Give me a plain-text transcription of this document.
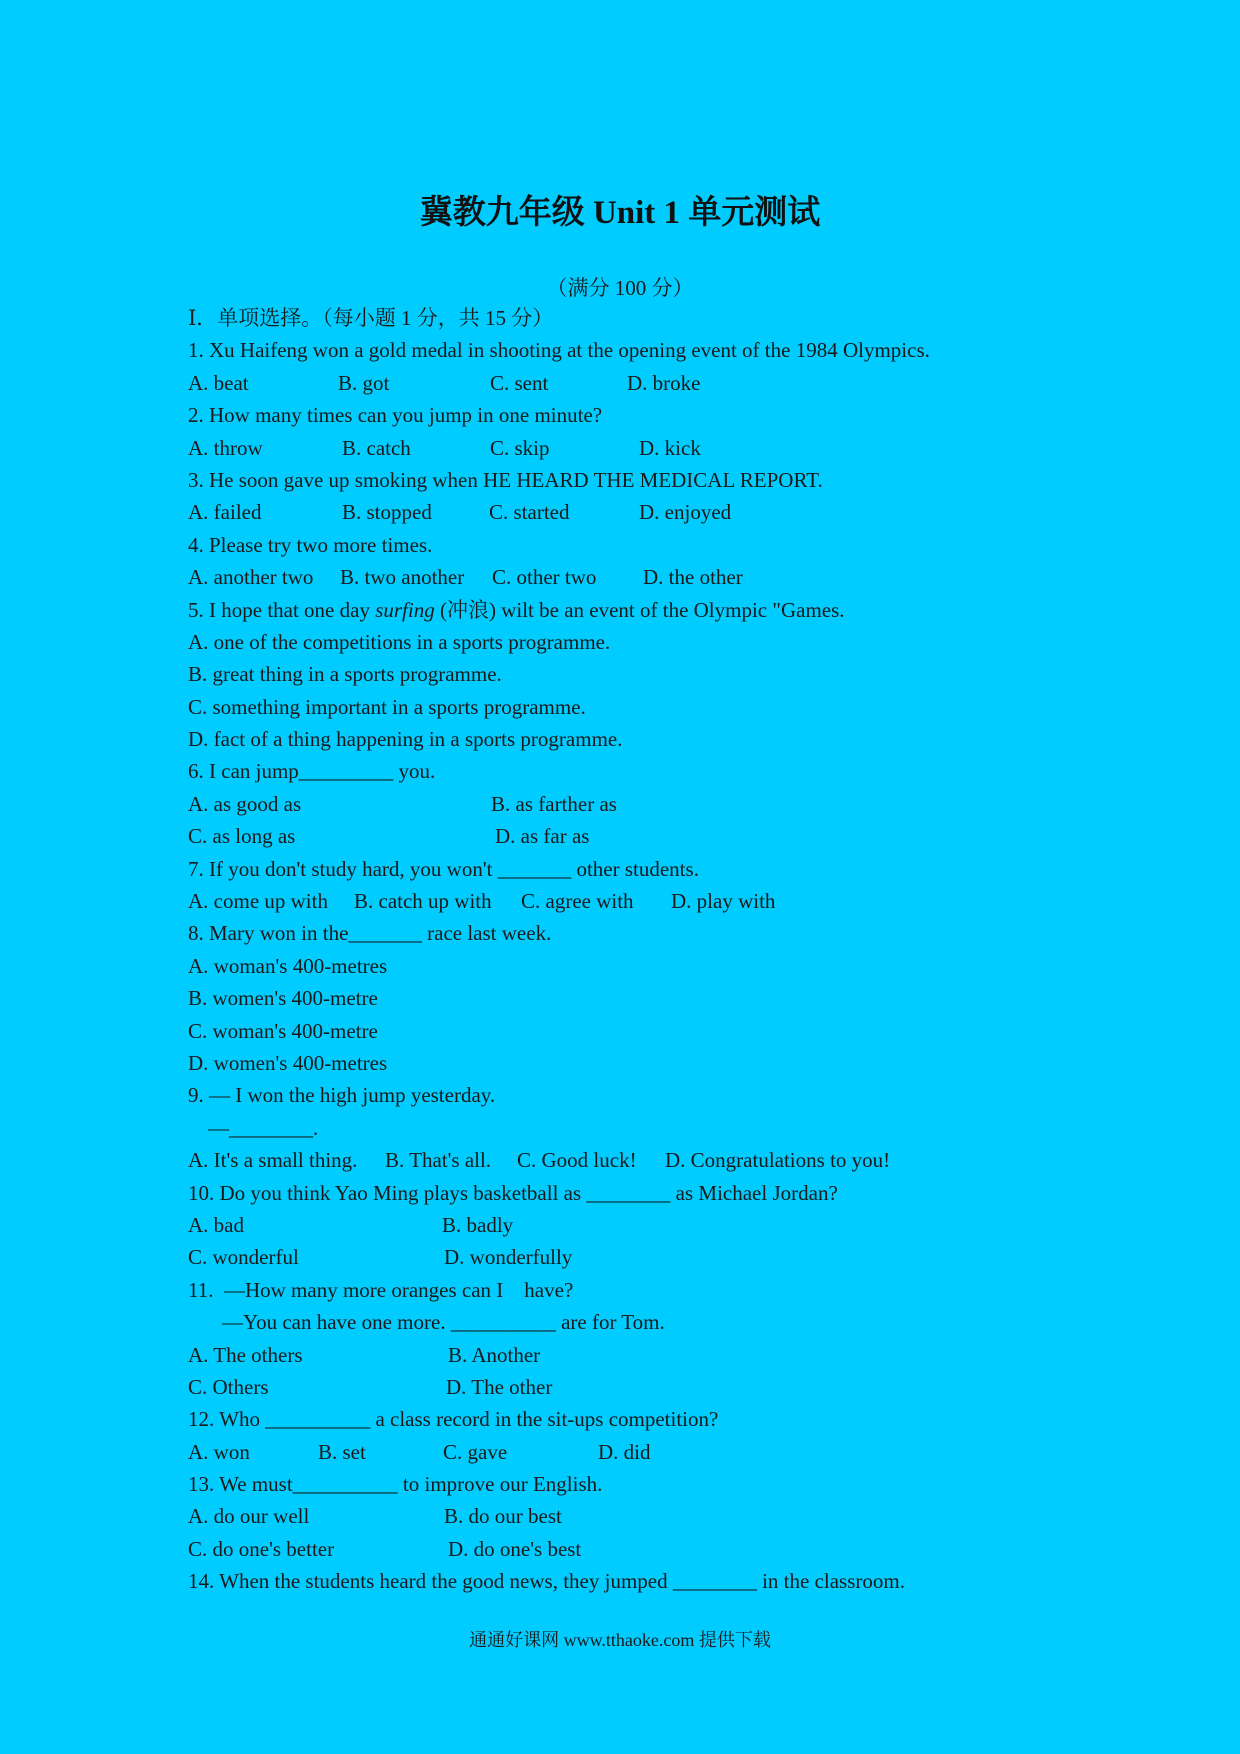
冀教九年级 Unit 1 单元测试
（满分 100 分）
Ⅰ．单项选择。（每小题 1 分，共 15 分）
1. Xu Haifeng won a gold medal in shooting at the opening event of the 1984 Olympics.

A. beat

	B. got

	C. sent

	D. broke

2. How many times can you jump in one minute?

A. throw

	B. catch

	C. skip

	D. kick

3. He soon gave up smoking when HE HEARD THE MEDICAL REPORT.

A. failed

	B. stopped

	C. started

	D. enjoyed

4. Please try two more times.

A. another two

B. two another

C. other two

D. the other

5. I hope that one day surfing (冲浪) wilt be an event of the Olympic "Games.
A. one of the competitions in a sports programme.
B. great thing in a sports programme.
C. something important in a sports programme.
D. fact of a thing happening in a sports programme.
6. I can jump_________ you.

A. as good as

	B. as farther as

C. as long as

	D. as far as

7. If you don't study hard, you won't _______ other students.

A. come up with

B. catch up with

C. agree with

D. play with

8. Mary won in the_______ race last week.
A. woman's 400-metres
B. women's 400-metre
C. woman's 400-metre
D. women's 400-metres
9. — I won the high jump yesterday.
—________.

A. It's a small thing.

B. That's all.

C. Good luck!

D. Congratulations to you!

10. Do you think Yao Ming plays basketball as ________ as Michael Jordan?

A. bad

	B. badly

C. wonderful

	D. wonderfully

11.  —How many more oranges can I    have?
—You can have one more. __________ are for Tom.

A. The others

	B. Another

C. Others

	D. The other

12. Who __________ a class record in the sit-ups competition?

A. won

	B. set

	C. gave

	D. did

13. We must__________ to improve our English.

A. do our well

	B. do our best

C. do one's better

	D. do one's best

14. When the students heard the good news, they jumped ________ in the classroom.
通通好课网 www.tthaoke.com 提供下载
